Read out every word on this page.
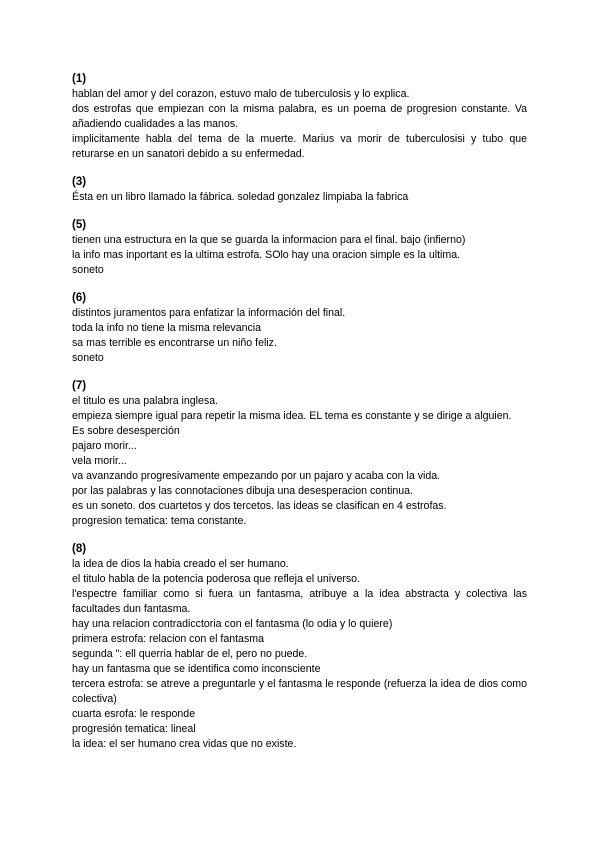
(1)

hablan del amor y del corazon, estuvo malo de tuberculosis y lo explica.

dos estrofas que empiezan con la misma palabra, es un poema de progresion constante. Va añadiendo cualidades a las manos.

implicitamente habla del tema de la muerte. Marius va morir de tuberculosisi y tubo que returarse en un sanatori debido a su enfermedad.

(3)

Ésta en un libro llamado la fábrica. soledad gonzalez limpiaba la fabrica

(5)

tienen una estructura en la que se guarda la informacion para el final. bajo (infierno)

la info mas inportant es la ultima estrofa. SOlo hay una oracion simple es la ultima.

soneto

(6)

distintos juramentos para enfatizar la información del final.

toda la info no tiene la misma relevancia

sa mas terrible es encontrarse un niño feliz.

soneto

(7)

el titulo es una palabra inglesa.

empieza siempre igual para repetir la misma idea. EL tema es constante y se dirige a alguien.

Es sobre desesperción

pajaro morir...

vela morir...

va avanzando progresivamente empezando por un pajaro y acaba con la vida.

por las palabras y las connotaciones dibuja una desesperacion continua.

es un soneto. dos cuartetos y dos tercetos. las ideas se clasifican en 4 estrofas.

progresion tematica: tema constante.

(8)

la idea de dios la habia creado el ser humano.

el titulo habla de la potencia poderosa que refleja el universo.

l'espectre familiar como si fuera un fantasma, atribuye a la idea abstracta y colectiva las facultades dun fantasma.

hay una relacion contradicctoria con el fantasma (lo odia y lo quiere)

primera estrofa: relacion con el fantasma

segunda ": ell querria hablar de el, pero no puede.

hay un fantasma que se identifica como inconsciente

tercera estrofa: se atreve a preguntarle y el fantasma le responde (refuerza la idea de dios como colectiva)

cuarta esrofa: le responde

progresión tematica: lineal

la idea: el ser humano crea vidas que no existe.
